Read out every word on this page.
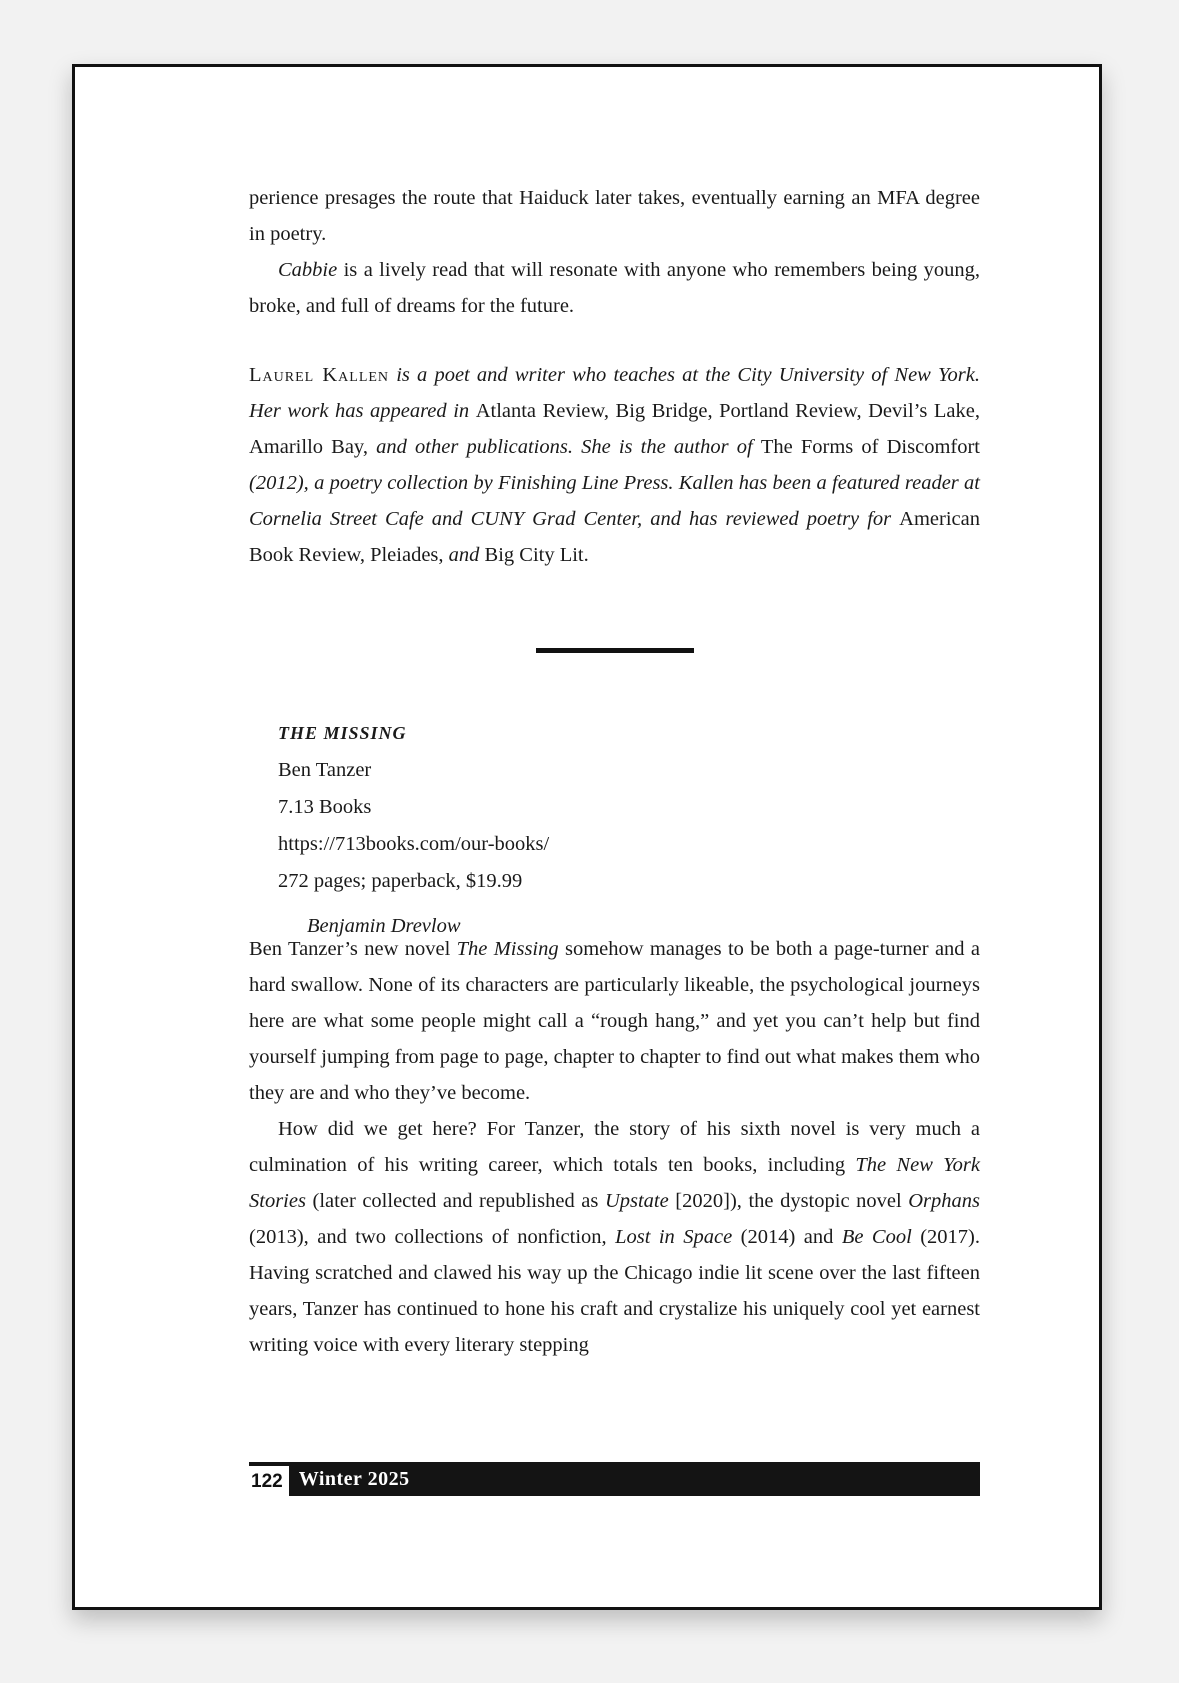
perience presages the route that Haiduck later takes, eventually earning an MFA degree in poetry.

Cabbie is a lively read that will resonate with anyone who remembers being young, broke, and full of dreams for the future.

Laurel Kallen is a poet and writer who teaches at the City University of New York. Her work has appeared in Atlanta Review, Big Bridge, Portland Review, Devil’s Lake, Amarillo Bay, and other publications. She is the author of The Forms of Discomfort (2012), a poetry collection by Finishing Line Press. Kallen has been a featured reader at Cornelia Street Cafe and CUNY Grad Center, and has reviewed poetry for American Book Review, Pleiades, and Big City Lit.

THE MISSING
Ben Tanzer
7.13 Books
https://713books.com/our-books/
272 pages; paperback, $19.99
Benjamin Drevlow

Ben Tanzer’s new novel The Missing somehow manages to be both a page-turner and a hard swallow. None of its characters are particularly likeable, the psychological journeys here are what some people might call a “rough hang,” and yet you can’t help but find yourself jumping from page to page, chapter to chapter to find out what makes them who they are and who they’ve become.

How did we get here? For Tanzer, the story of his sixth novel is very much a culmination of his writing career, which totals ten books, including The New York Stories (later collected and republished as Upstate [2020]), the dystopic novel Orphans (2013), and two collections of nonfiction, Lost in Space (2014) and Be Cool (2017). Having scratched and clawed his way up the Chicago indie lit scene over the last fifteen years, Tanzer has continued to hone his craft and crystalize his uniquely cool yet earnest writing voice with every literary stepping

122 Winter 2025
